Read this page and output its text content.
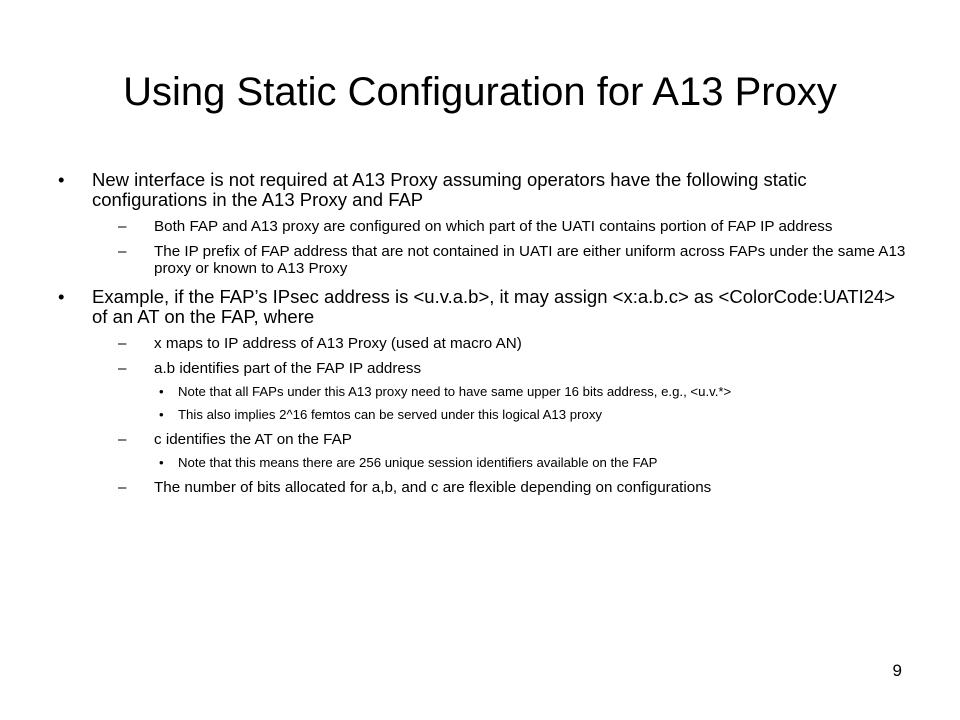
Using Static Configuration for A13 Proxy
• New interface is not required at A13 Proxy assuming operators have the following static configurations in the A13 Proxy and FAP
– Both FAP and A13 proxy are configured on which part of the UATI contains portion of FAP IP address
– The IP prefix of FAP address that are not contained in UATI are either uniform across FAPs under the same A13 proxy or known to A13 Proxy
• Example, if the FAP’s IPsec address is <u.v.a.b>, it may assign <x:a.b.c> as <ColorCode:UATI24> of an AT on the FAP, where
– x maps to IP address of A13 Proxy (used at macro AN)
– a.b identifies part of the FAP IP address
• Note that all FAPs under this A13 proxy need to have same upper 16 bits address, e.g., <u.v.*>
• This also implies 2^16 femtos can be served under this logical A13 proxy
– c identifies the AT on the FAP
• Note that this means there are 256 unique session identifiers available on the FAP
– The number of bits allocated for a,b, and c are flexible depending on configurations
9
